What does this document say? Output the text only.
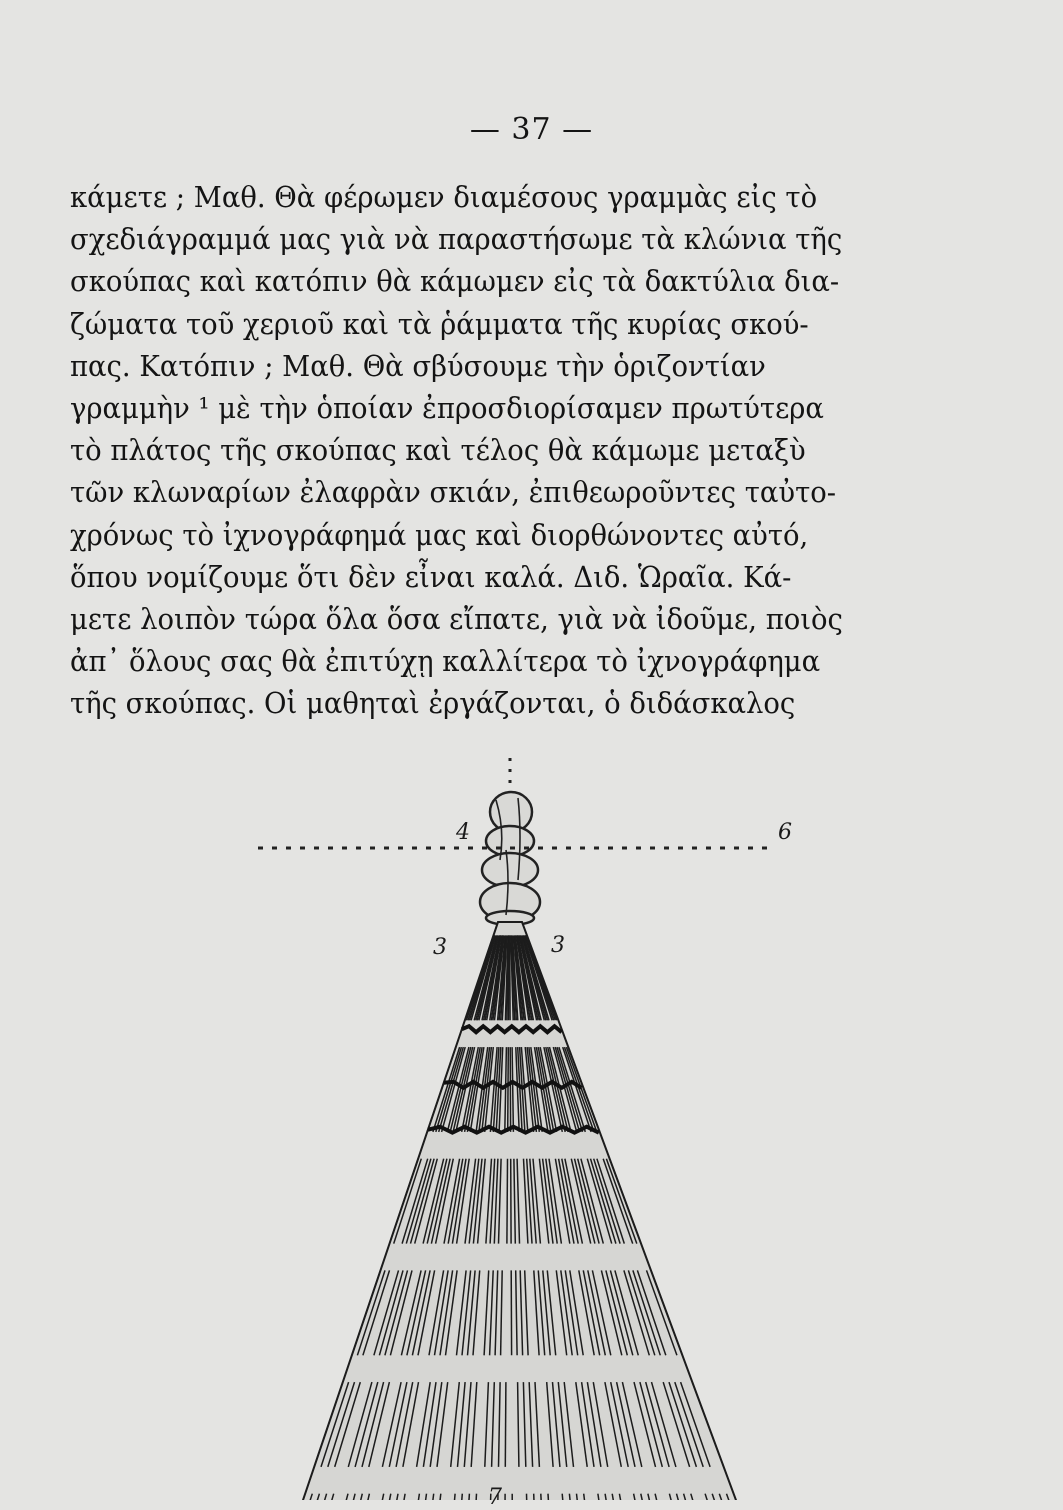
— 37 —
κάμετε ; Μαθ. Θὰ φέρωμεν διαμέσους γραμμὰς εἰς τὸ
σχεδιάγραμμά μας γιὰ νὰ παραστήσωμε τὰ κλώνια τῆς
σκούπας καὶ κατόπιν θὰ κάμωμεν εἰς τὰ δακτύλια δια-
ζώματα τοῦ χεριοῦ καὶ τὰ ῥάμματα τῆς κυρίας σκού-
πας. Κατόπιν ; Μαθ. Θὰ σβύσουμε τὴν ὁριζοντίαν
γραμμὴν ¹ μὲ τὴν ὁποίαν ἐπροσδιορίσαμεν πρωτύτερα
τὸ πλάτος τῆς σκούπας καὶ τέλος θὰ κάμωμε μεταξὺ
τῶν κλωναρίων ἐλαφρὰν σκιάν, ἐπιθεωροῦντες ταὐτο-
χρόνως τὸ ἰχνογράφημά μας καὶ διορθώνοντες αὐτό,
ὅπου νομίζουμε ὅτι δὲν εἶναι καλά. Διδ. Ὡραῖα. Κά-
μετε λοιπὸν τώρα ὅλα ὅσα εἴπατε, γιὰ νὰ ἰδοῦμε, ποιὸς
ἀπ᾽ ὅλους σας θὰ ἐπιτύχῃ καλλίτερα τὸ ἰχνογράφημα
τῆς σκούπας. Οἱ μαθηταὶ ἐργάζονται, ὁ διδάσκαλος
4
3	3
6
7
